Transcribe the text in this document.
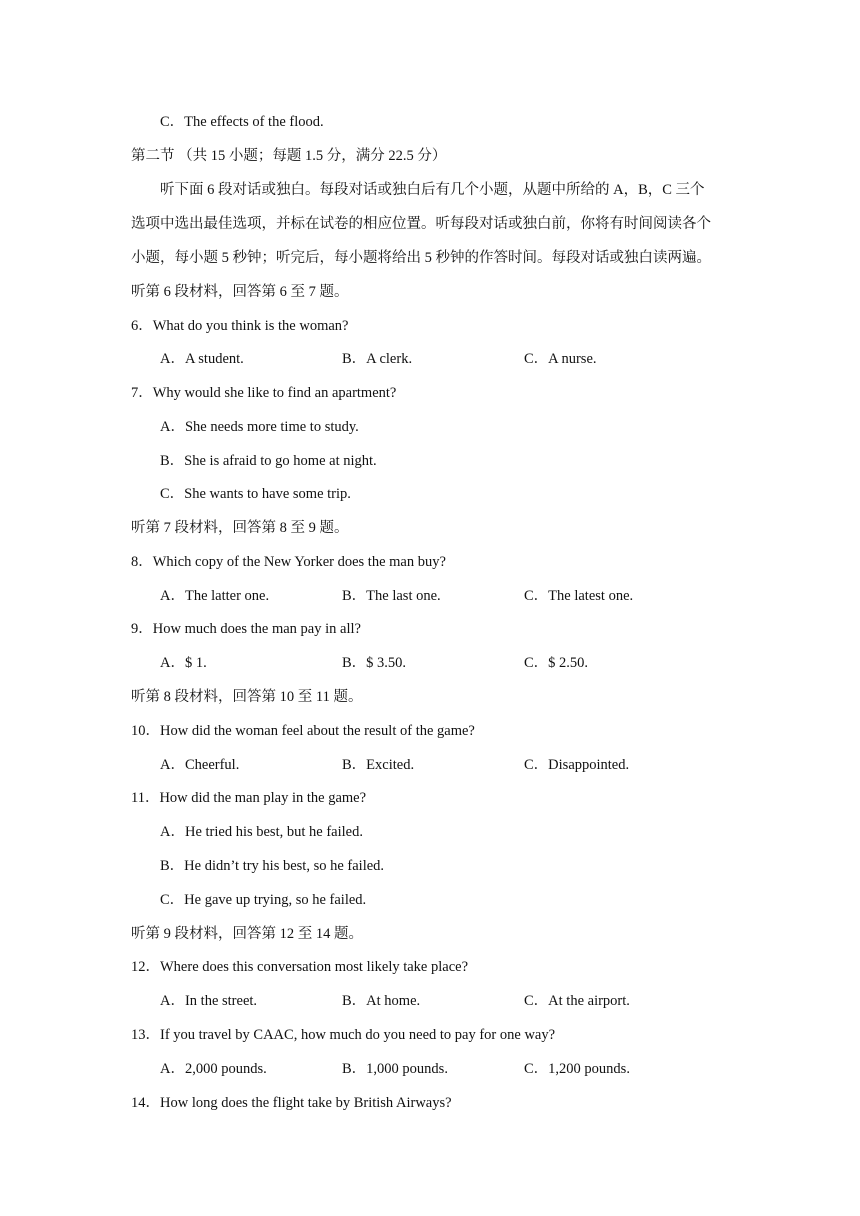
C．The effects of the flood.
第二节 （共 15 小题；每题 1.5 分，满分 22.5 分）
听下面 6 段对话或独白。每段对话或独白后有几个小题，从题中所给的 A，B，C 三个
选项中选出最佳选项，并标在试卷的相应位置。听每段对话或独白前，你将有时间阅读各个
小题，每小题 5 秒钟；听完后，每小题将给出 5 秒钟的作答时间。每段对话或独白读两遍。
听第 6 段材料，回答第 6 至 7 题。
6．What do you think is the woman?
A．A student.	B．A clerk.	C．A nurse.
7．Why would she like to find an apartment?
A．She needs more time to study.
B．She is afraid to go home at night.
C．She wants to have some trip.
听第 7 段材料，回答第 8 至 9 题。
8．Which copy of the New Yorker does the man buy?
A．The latter one.	B．The last one.	C．The latest one.
9．How much does the man pay in all?
A．$ 1.	B．$ 3.50.	C．$ 2.50.
听第 8 段材料，回答第 10 至 11 题。
10．How did the woman feel about the result of the game?
A．Cheerful.	B．Excited.	C．Disappointed.
11．How did the man play in the game?
A．He tried his best, but he failed.
B．He didn’t try his best, so he failed.
C．He gave up trying, so he failed.
听第 9 段材料，回答第 12 至 14 题。
12．Where does this conversation most likely take place?
A．In the street.	B．At home.	C．At the airport.
13．If you travel by CAAC, how much do you need to pay for one way?
A．2,000 pounds.	B．1,000 pounds.	C．1,200 pounds.
14．How long does the flight take by British Airways?
